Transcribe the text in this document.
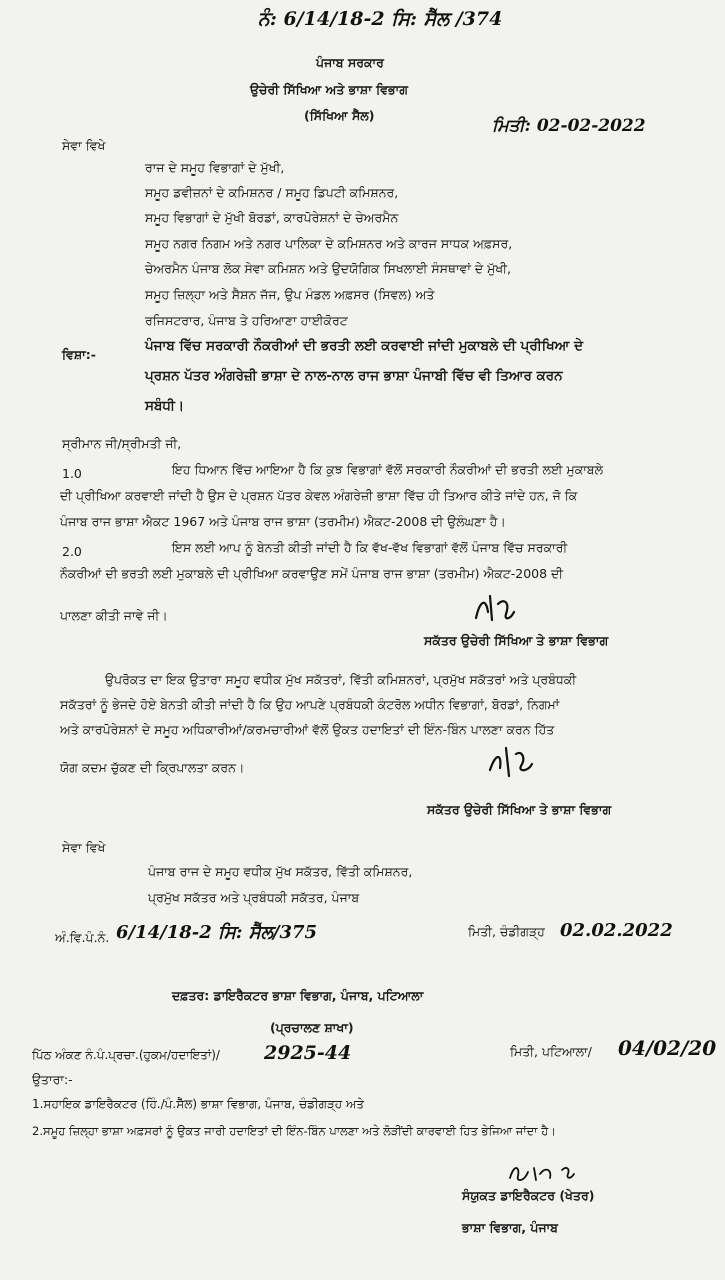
ਨੰ: 6/14/18-2 ਸਿ: ਸੈੱਲ /374
ਪੰਜਾਬ ਸਰਕਾਰ
ਉਚੇਰੀ ਸਿੱਖਿਆ ਅਤੇ ਭਾਸ਼ਾ ਵਿਭਾਗ
(ਸਿੱਖਿਆ ਸੈੱਲ)
ਮਿਤੀ: 02-02-2022
ਸੇਵਾ ਵਿਖੇ
ਰਾਜ ਦੇ ਸਮੂਹ ਵਿਭਾਗਾਂ ਦੇ ਮੁੱਖੀ,
ਸਮੂਹ ਡਵੀਜ਼ਨਾਂ ਦੇ ਕਮਿਸ਼ਨਰ / ਸਮੂਹ ਡਿਪਟੀ ਕਮਿਸ਼ਨਰ,
ਸਮੂਹ ਵਿਭਾਗਾਂ ਦੇ ਮੁੱਖੀ ਬੋਰਡਾਂ, ਕਾਰਪੋਰੇਸ਼ਨਾਂ ਦੇ ਚੇਅਰਮੈਨ
ਸਮੂਹ ਨਗਰ ਨਿਗਮ ਅਤੇ ਨਗਰ ਪਾਲਿਕਾ ਦੇ ਕਮਿਸ਼ਨਰ ਅਤੇ ਕਾਰਜ ਸਾਧਕ ਅਫ਼ਸਰ,
ਚੇਅਰਮੈਨ ਪੰਜਾਬ ਲੋਕ ਸੇਵਾ ਕਮਿਸ਼ਨ ਅਤੇ ਉਦਯੋਗਿਕ ਸਿਖਲਾਈ ਸੰਸਥਾਵਾਂ ਦੇ ਮੁੱਖੀ,
ਸਮੂਹ ਜ਼ਿਲ੍ਹਾ ਅਤੇ ਸੈਸ਼ਨ ਜੱਜ, ਉਪ ਮੰਡਲ ਅਫ਼ਸਰ (ਸਿਵਲ) ਅਤੇ
ਰਜਿਸਟਰਾਰ, ਪੰਜਾਬ ਤੇ ਹਰਿਆਣਾ ਹਾਈਕੋਰਟ
ਵਿਸ਼ਾ:-
ਪੰਜਾਬ ਵਿੱਚ ਸਰਕਾਰੀ ਨੌਕਰੀਆਂ ਦੀ ਭਰਤੀ ਲਈ ਕਰਵਾਈ ਜਾਂਦੀ ਮੁਕਾਬਲੇ ਦੀ ਪ੍ਰੀਖਿਆ ਦੇ
ਪ੍ਰਸ਼ਨ ਪੱਤਰ ਅੰਗਰੇਜ਼ੀ ਭਾਸ਼ਾ ਦੇ ਨਾਲ-ਨਾਲ ਰਾਜ ਭਾਸ਼ਾ ਪੰਜਾਬੀ ਵਿੱਚ ਵੀ ਤਿਆਰ ਕਰਨ
ਸਬੰਧੀ।
ਸ੍ਰੀਮਾਨ ਜੀ/ਸ੍ਰੀਮਤੀ ਜੀ,
1.0	ਇਹ ਧਿਆਨ ਵਿੱਚ ਆਇਆ ਹੈ ਕਿ ਕੁਝ ਵਿਭਾਗਾਂ ਵੱਲੋਂ ਸਰਕਾਰੀ ਨੌਕਰੀਆਂ ਦੀ ਭਰਤੀ ਲਈ ਮੁਕਾਬਲੇ
ਦੀ ਪ੍ਰੀਖਿਆ ਕਰਵਾਈ ਜਾਂਦੀ ਹੈ ਉਸ ਦੇ ਪ੍ਰਸ਼ਨ ਪੱਤਰ ਕੇਵਲ ਅੰਗਰੇਜ਼ੀ ਭਾਸ਼ਾ ਵਿੱਚ ਹੀ ਤਿਆਰ ਕੀਤੇ ਜਾਂਦੇ ਹਨ, ਜੋ ਕਿ
ਪੰਜਾਬ ਰਾਜ ਭਾਸ਼ਾ ਐਕਟ 1967 ਅਤੇ ਪੰਜਾਬ ਰਾਜ ਭਾਸ਼ਾ (ਤਰਮੀਮ) ਐਕਟ-2008 ਦੀ ਉਲੰਘਣਾ ਹੈ।
2.0	ਇਸ ਲਈ ਆਪ ਨੂੰ ਬੇਨਤੀ ਕੀਤੀ ਜਾਂਦੀ ਹੈ ਕਿ ਵੱਖ-ਵੱਖ ਵਿਭਾਗਾਂ ਵੱਲੋਂ ਪੰਜਾਬ ਵਿੱਚ ਸਰਕਾਰੀ
ਨੌਕਰੀਆਂ ਦੀ ਭਰਤੀ ਲਈ ਮੁਕਾਬਲੇ ਦੀ ਪ੍ਰੀਖਿਆ ਕਰਵਾਉਣ ਸਮੇਂ ਪੰਜਾਬ ਰਾਜ ਭਾਸ਼ਾ (ਤਰਮੀਮ) ਐਕਟ-2008 ਦੀ
ਪਾਲਣਾ ਕੀਤੀ ਜਾਵੇ ਜੀ।
ਸਕੱਤਰ ਉਚੇਰੀ ਸਿੱਖਿਆ ਤੇ ਭਾਸ਼ਾ ਵਿਭਾਗ
ਉਪਰੋਕਤ ਦਾ ਇਕ ਉਤਾਰਾ ਸਮੂਹ ਵਧੀਕ ਮੁੱਖ ਸਕੱਤਰਾਂ, ਵਿੱਤੀ ਕਮਿਸ਼ਨਰਾਂ, ਪ੍ਰਮੁੱਖ ਸਕੱਤਰਾਂ ਅਤੇ ਪ੍ਰਬੰਧਕੀ
ਸਕੱਤਰਾਂ ਨੂੰ ਭੇਜਦੇ ਹੋਏ ਬੇਨਤੀ ਕੀਤੀ ਜਾਂਦੀ ਹੈ ਕਿ ਉਹ ਆਪਣੇ ਪ੍ਰਬੰਧਕੀ ਕੰਟਰੋਲ ਅਧੀਨ ਵਿਭਾਗਾਂ, ਬੋਰਡਾਂ, ਨਿਗਮਾਂ
ਅਤੇ ਕਾਰਪੋਰੇਸ਼ਨਾਂ ਦੇ ਸਮੂਹ ਅਧਿਕਾਰੀਆਂ/ਕਰਮਚਾਰੀਆਂ ਵੱਲੋਂ ਉਕਤ ਹਦਾਇਤਾਂ ਦੀ ਇੰਨ-ਬਿੰਨ ਪਾਲਣਾ ਕਰਨ ਹਿੱਤ
ਯੋਗ ਕਦਮ ਚੁੱਕਣ ਦੀ ਕ੍ਰਿਪਾਲਤਾ ਕਰਨ।
ਸਕੱਤਰ ਉਚੇਰੀ ਸਿੱਖਿਆ ਤੇ ਭਾਸ਼ਾ ਵਿਭਾਗ
ਸੇਵਾ ਵਿਖੇ
ਪੰਜਾਬ ਰਾਜ ਦੇ ਸਮੂਹ ਵਧੀਕ ਮੁੱਖ ਸਕੱਤਰ, ਵਿੱਤੀ ਕਮਿਸ਼ਨਰ,
ਪ੍ਰਮੁੱਖ ਸਕੱਤਰ ਅਤੇ ਪ੍ਰਬੰਧਕੀ ਸਕੱਤਰ, ਪੰਜਾਬ
ਅੰ.ਵਿ.ਪੰ.ਨੰ. 6/14/18-2 ਸਿ: ਸੈੱਲ/375	ਮਿਤੀ, ਚੰਡੀਗੜ੍ਹ 02.02.2022
ਦਫ਼ਤਰ: ਡਾਇਰੈਕਟਰ ਭਾਸ਼ਾ ਵਿਭਾਗ, ਪੰਜਾਬ, ਪਟਿਆਲਾ
(ਪ੍ਰਚਾਲਣ ਸ਼ਾਖਾ)
ਪਿੱਠ ਅੰਕਣ ਨੰ.ਪੰ.ਪ੍ਰਚਾ.(ਹੁਕਮ/ਹਦਾਇਤਾਂ)/ 2925-44	ਮਿਤੀ, ਪਟਿਆਲਾ/ 04/02/20
ਉਤਾਰਾ:-
1.ਸਹਾਇਕ ਡਾਇਰੈਕਟਰ (ਹਿੰ./ਪੰ.ਸੈੱਲ) ਭਾਸ਼ਾ ਵਿਭਾਗ, ਪੰਜਾਬ, ਚੰਡੀਗੜ੍ਹ ਅਤੇ
2.ਸਮੂਹ ਜ਼ਿਲ੍ਹਾ ਭਾਸ਼ਾ ਅਫ਼ਸਰਾਂ ਨੂੰ ਉਕਤ ਜਾਰੀ ਹਦਾਇਤਾਂ ਦੀ ਇੰਨ-ਬਿੰਨ ਪਾਲਣਾ ਅਤੇ ਲੋੜੀਂਦੀ ਕਾਰਵਾਈ ਹਿਤ ਭੇਜਿਆ ਜਾਂਦਾ ਹੈ।
ਸੰਯੁਕਤ ਡਾਇਰੈਕਟਰ (ਖੇਤਰ)
ਭਾਸ਼ਾ ਵਿਭਾਗ, ਪੰਜਾਬ
